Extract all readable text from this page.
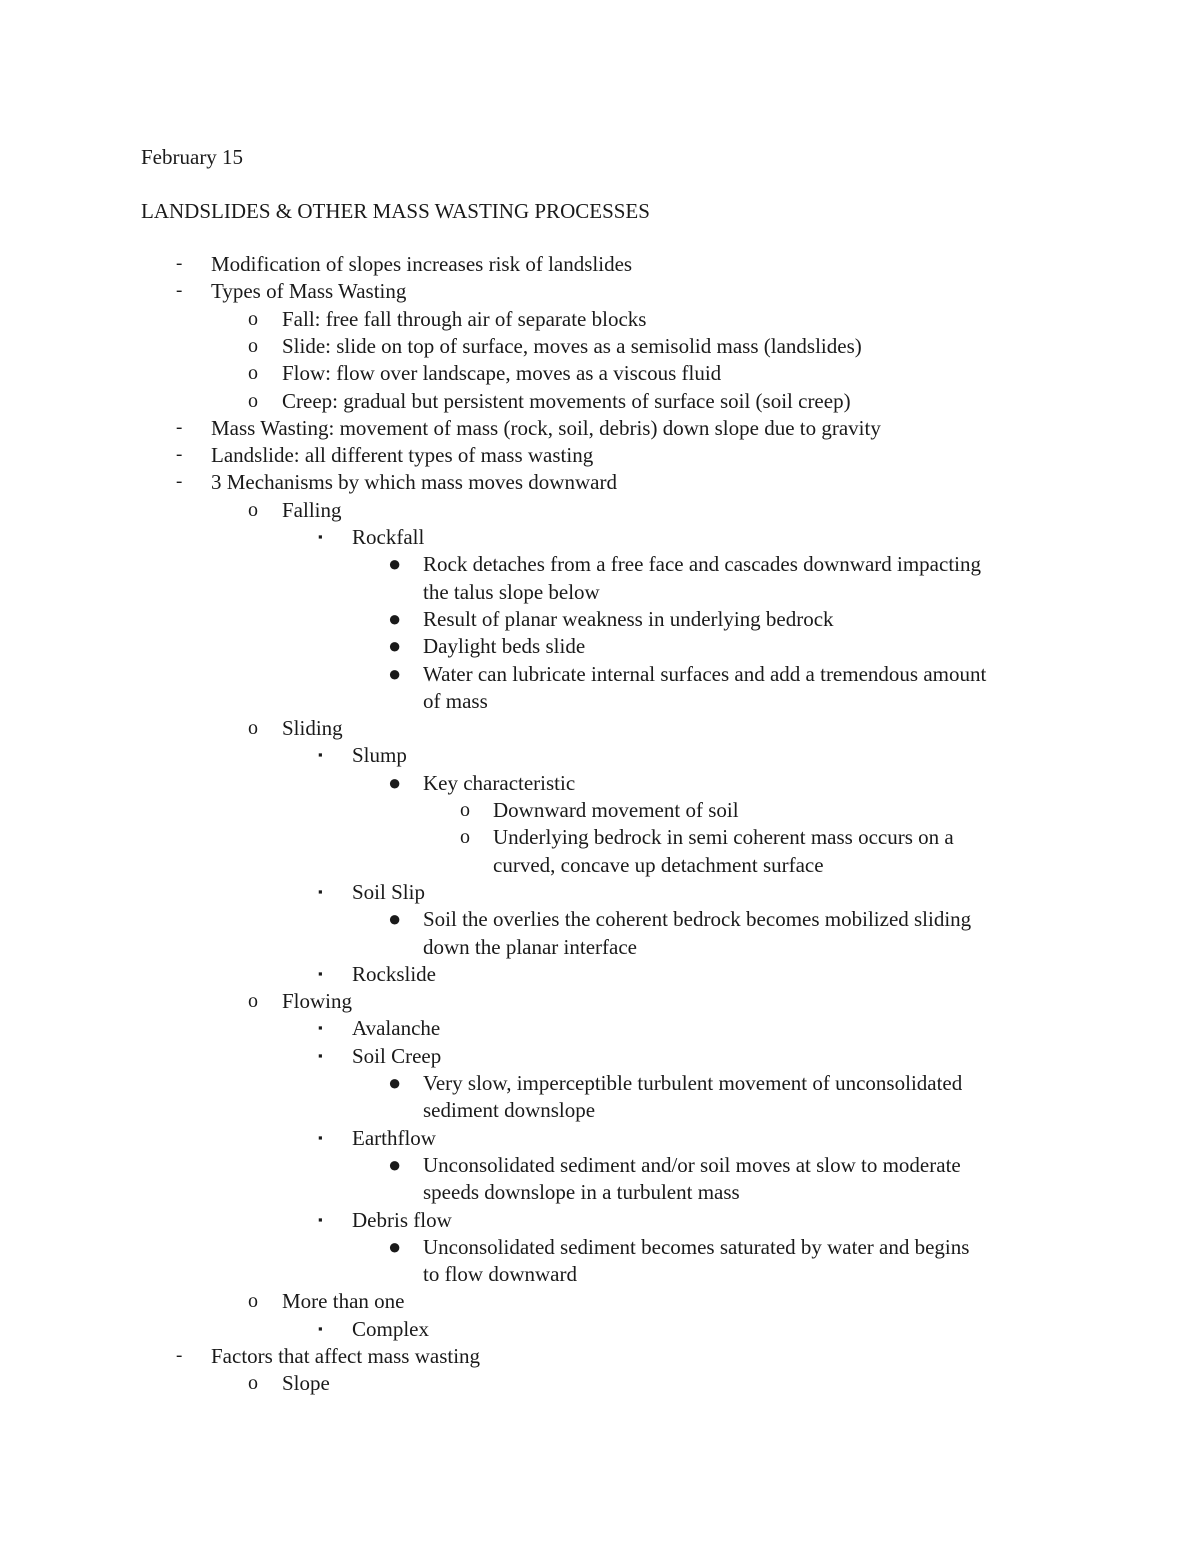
February 15
LANDSLIDES & OTHER MASS WASTING PROCESSES
- Modification of slopes increases risk of landslides
- Types of Mass Wasting
o Fall: free fall through air of separate blocks
o Slide: slide on top of surface, moves as a semisolid mass (landslides)
o Flow: flow over landscape, moves as a viscous fluid
o Creep: gradual but persistent movements of surface soil (soil creep)
- Mass Wasting: movement of mass (rock, soil, debris) down slope due to gravity
- Landslide: all different types of mass wasting
- 3 Mechanisms by which mass moves downward
o Falling
▪ Rockfall
● Rock detaches from a free face and cascades downward impacting
the talus slope below
● Result of planar weakness in underlying bedrock
● Daylight beds slide
● Water can lubricate internal surfaces and add a tremendous amount
of mass
o Sliding
▪ Slump
● Key characteristic
o Downward movement of soil
o Underlying bedrock in semi coherent mass occurs on a
curved, concave up detachment surface
▪ Soil Slip
● Soil the overlies the coherent bedrock becomes mobilized sliding
down the planar interface
▪ Rockslide
o Flowing
▪ Avalanche
▪ Soil Creep
● Very slow, imperceptible turbulent movement of unconsolidated
sediment downslope
▪ Earthflow
● Unconsolidated sediment and/or soil moves at slow to moderate
speeds downslope in a turbulent mass
▪ Debris flow
● Unconsolidated sediment becomes saturated by water and begins
to flow downward
o More than one
▪ Complex
- Factors that affect mass wasting
o Slope
